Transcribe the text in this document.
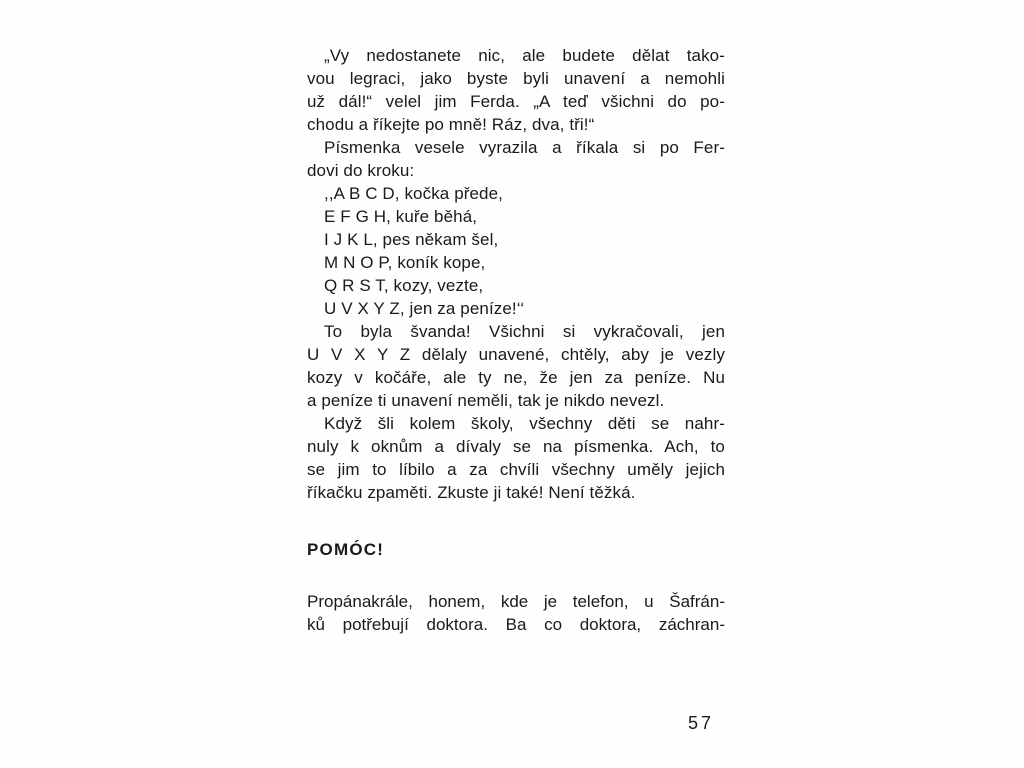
„Vy nedostanete nic, ale budete dělat tako-
vou legraci, jako byste byli unavení a nemohli
už dál!“ velel jim Ferda. „A teď všichni do po-
chodu a říkejte po mně! Ráz, dva, tři!“
Písmenka vesele vyrazila a říkala si po Fer-
dovi do kroku:
,,A B C D, kočka přede,
E F G H, kuře běhá,
I J K L, pes někam šel,
M N O P, koník kope,
Q R S T, kozy, vezte,
U V X Y Z, jen za peníze!‘‘
To byla švanda! Všichni si vykračovali, jen
U V X Y Z dělaly unavené, chtěly, aby je vezly
kozy v kočáře, ale ty ne, že jen za peníze. Nu
a peníze ti unavení neměli, tak je nikdo nevezl.
Když šli kolem školy, všechny děti se nahr-
nuly k oknům a dívaly se na písmenka. Ach, to
se jim to líbilo a za chvíli všechny uměly jejich
říkačku zpaměti. Zkuste ji také! Není těžká.
POMÓC!
Propánakrále, honem, kde je telefon, u Šafrán-
ků potřebují doktora. Ba co doktora, záchran-
57
